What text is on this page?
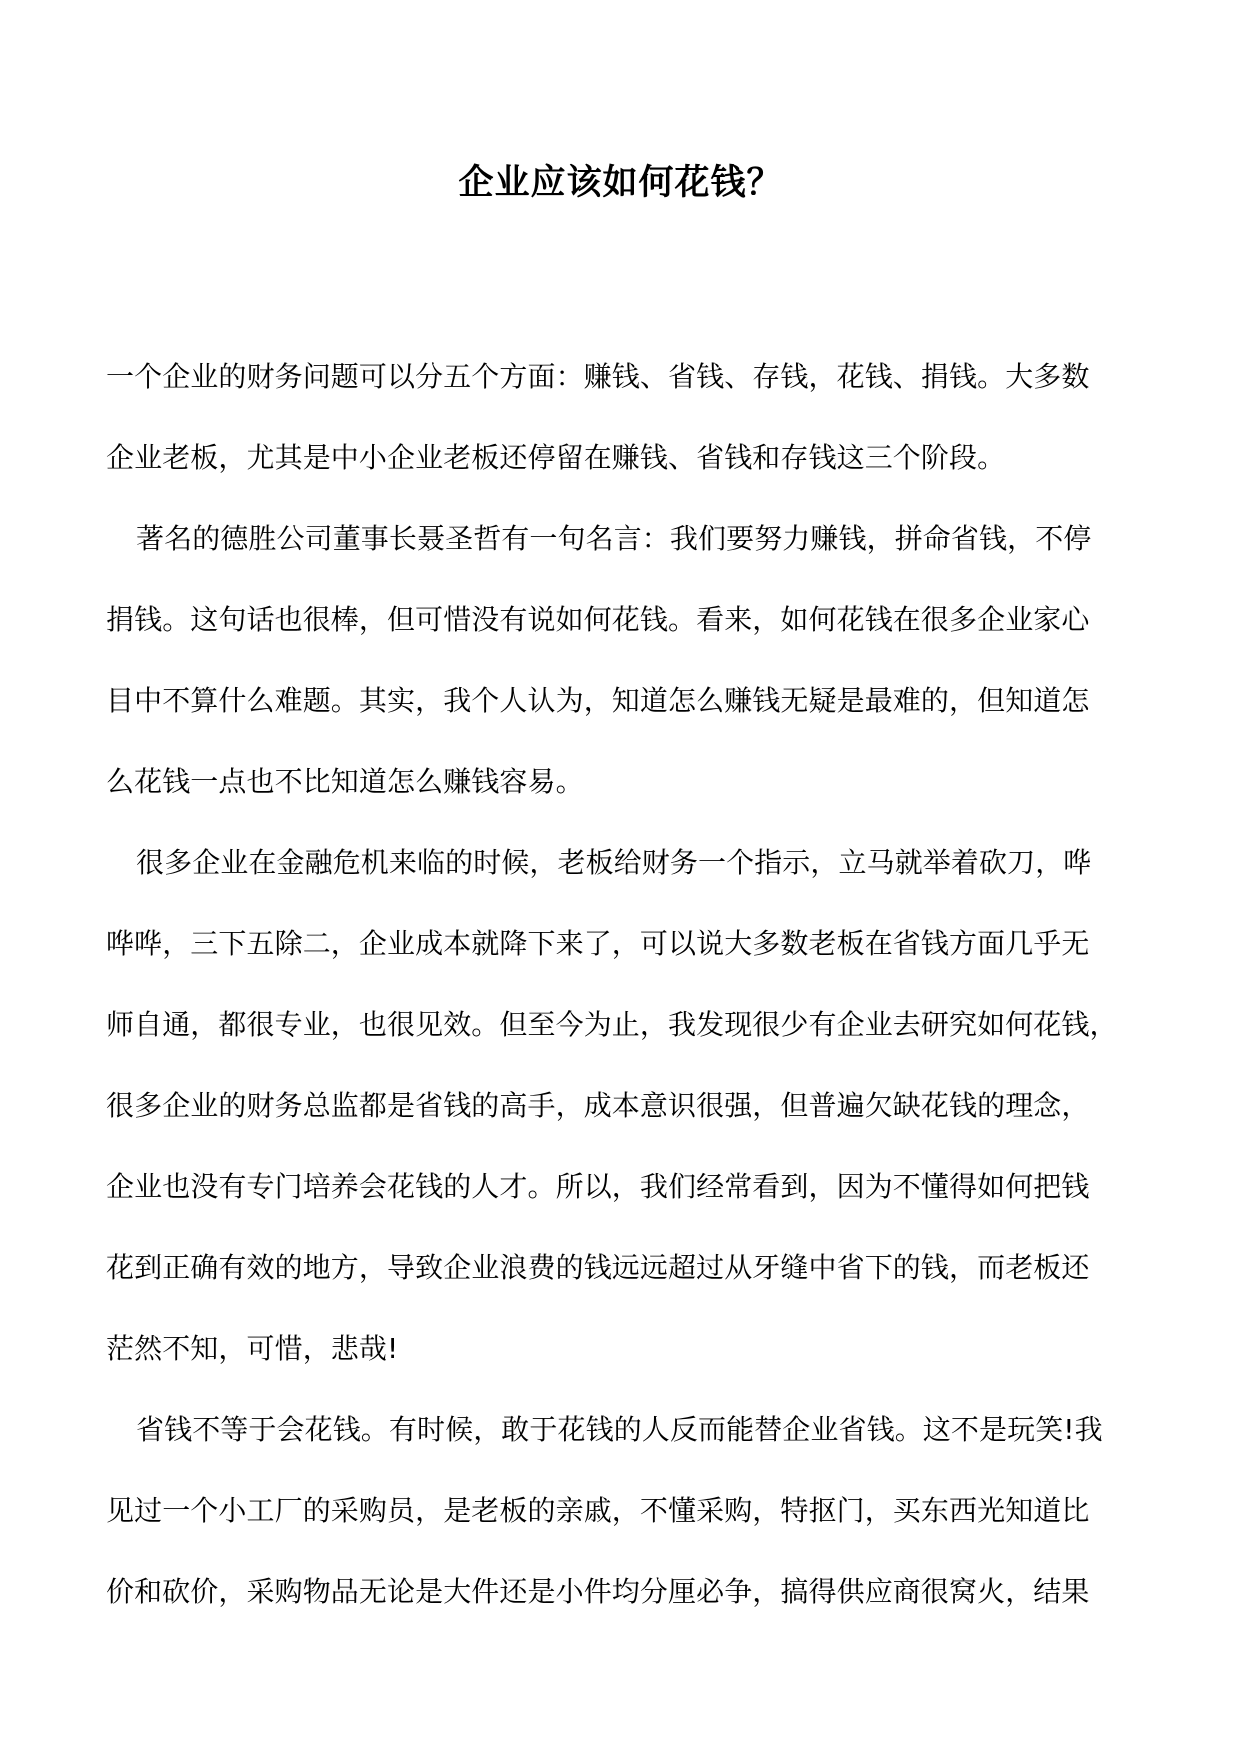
企业应该如何花钱？
一个企业的财务问题可以分五个方面：赚钱、省钱、存钱，花钱、捐钱。大多数
企业老板，尤其是中小企业老板还停留在赚钱、省钱和存钱这三个阶段。
著名的德胜公司董事长聂圣哲有一句名言：我们要努力赚钱，拼命省钱，不停
捐钱。这句话也很棒，但可惜没有说如何花钱。看来，如何花钱在很多企业家心
目中不算什么难题。其实，我个人认为，知道怎么赚钱无疑是最难的，但知道怎
么花钱一点也不比知道怎么赚钱容易。
很多企业在金融危机来临的时候，老板给财务一个指示，立马就举着砍刀，哗
哗哗，三下五除二，企业成本就降下来了，可以说大多数老板在省钱方面几乎无
师自通，都很专业，也很见效。但至今为止，我发现很少有企业去研究如何花钱，
很多企业的财务总监都是省钱的高手，成本意识很强，但普遍欠缺花钱的理念，
企业也没有专门培养会花钱的人才。所以，我们经常看到，因为不懂得如何把钱
花到正确有效的地方，导致企业浪费的钱远远超过从牙缝中省下的钱，而老板还
茫然不知，可惜，悲哉!
省钱不等于会花钱。有时候，敢于花钱的人反而能替企业省钱。这不是玩笑!我
见过一个小工厂的采购员，是老板的亲戚，不懂采购，特抠门，买东西光知道比
价和砍价，采购物品无论是大件还是小件均分厘必争，搞得供应商很窝火，结果
